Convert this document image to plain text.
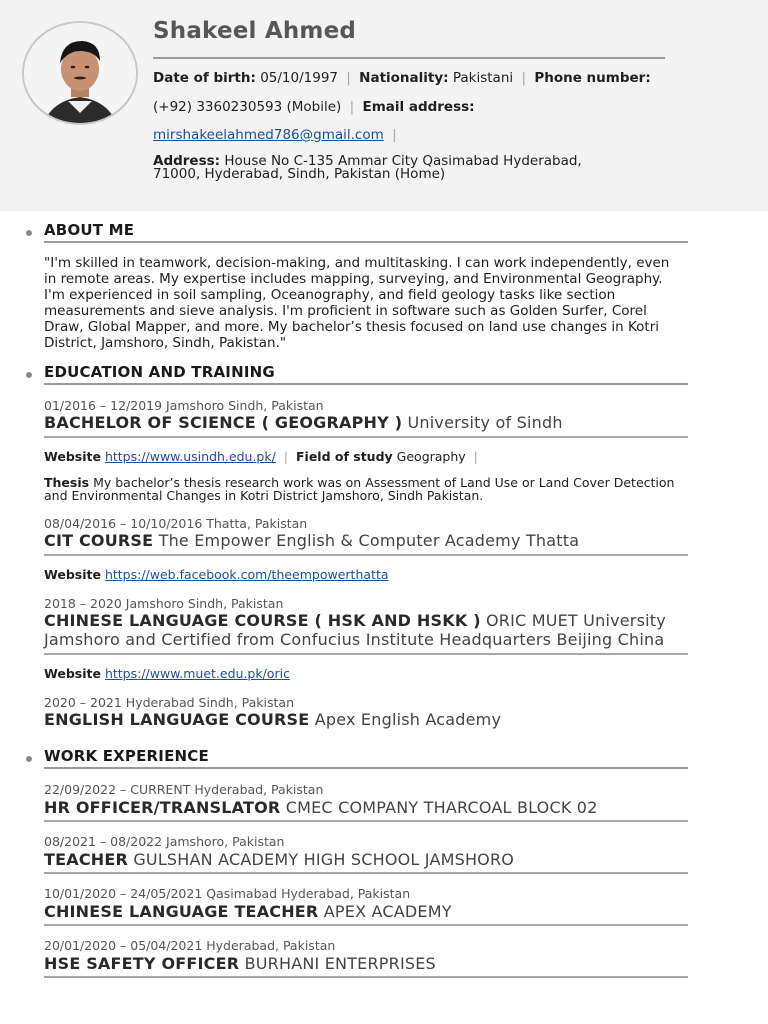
Shakeel Ahmed
Date of birth: 05/10/1997 | Nationality: Pakistani | Phone number:
(+92) 3360230593 (Mobile) | Email address:
mirshakeelahmed786@gmail.com |
Address: House No C-135 Ammar City Qasimabad Hyderabad, 71000, Hyderabad, Sindh, Pakistan (Home)
ABOUT ME
"I'm skilled in teamwork, decision-making, and multitasking. I can work independently, even in remote areas. My expertise includes mapping, surveying, and Environmental Geography. I'm experienced in soil sampling, Oceanography, and field geology tasks like section measurements and sieve analysis. I'm proficient in software such as Golden Surfer, Corel Draw, Global Mapper, and more. My bachelor’s thesis focused on land use changes in Kotri District, Jamshoro, Sindh, Pakistan."
EDUCATION AND TRAINING
01/2016 – 12/2019 Jamshoro Sindh, Pakistan
BACHELOR OF SCIENCE ( GEOGRAPHY ) University of Sindh
Website https://www.usindh.edu.pk/ | Field of study Geography |
Thesis My bachelor’s thesis research work was on Assessment of Land Use or Land Cover Detection and Environmental Changes in Kotri District Jamshoro, Sindh Pakistan.
08/04/2016 – 10/10/2016 Thatta, Pakistan
CIT COURSE The Empower English & Computer Academy Thatta
Website https://web.facebook.com/theempowerthatta
2018 – 2020 Jamshoro Sindh, Pakistan
CHINESE LANGUAGE COURSE ( HSK AND HSKK ) ORIC MUET University Jamshoro and Certified from Confucius Institute Headquarters Beijing China
Website https://www.muet.edu.pk/oric
2020 – 2021 Hyderabad Sindh, Pakistan
ENGLISH LANGUAGE COURSE Apex English Academy
WORK EXPERIENCE
22/09/2022 – CURRENT Hyderabad, Pakistan
HR OFFICER/TRANSLATOR CMEC COMPANY THARCOAL BLOCK 02
08/2021 – 08/2022 Jamshoro, Pakistan
TEACHER GULSHAN ACADEMY HIGH SCHOOL JAMSHORO
10/01/2020 – 24/05/2021 Qasimabad Hyderabad, Pakistan
CHINESE LANGUAGE TEACHER APEX ACADEMY
20/01/2020 – 05/04/2021 Hyderabad, Pakistan
HSE SAFETY OFFICER BURHANI ENTERPRISES
